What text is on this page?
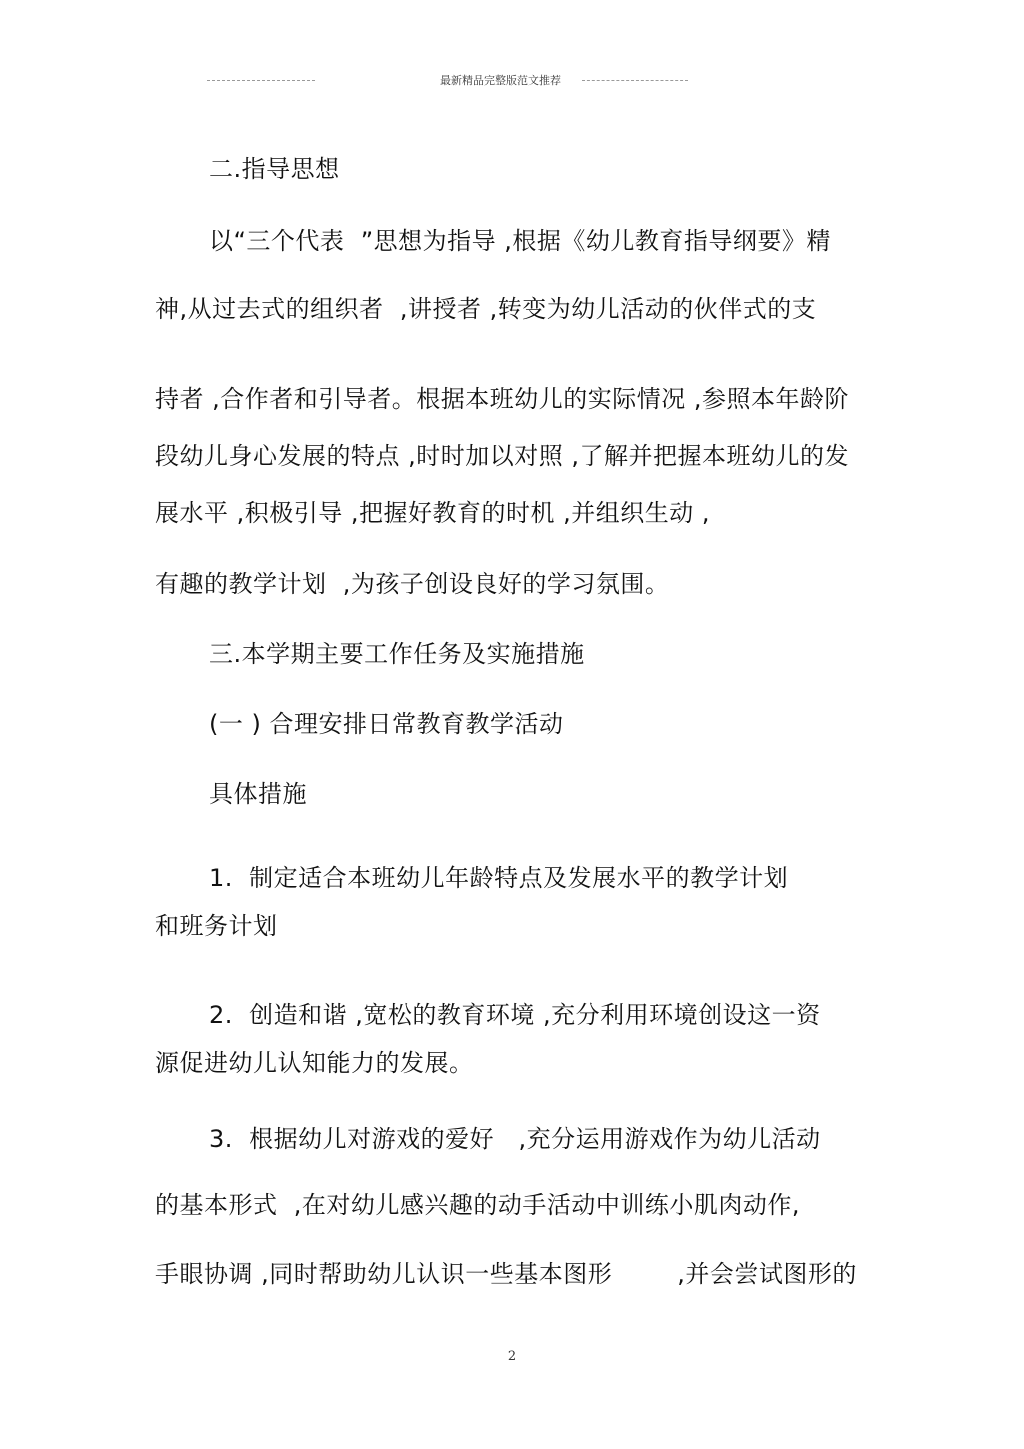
最新精品完整版范文推荐
二.指导思想
以“三个代表  ”思想为指导 ,根据《幼儿教育指导纲要》精
神,从过去式的组织者  ,讲授者 ,转变为幼儿活动的伙伴式的支
持者 ,合作者和引导者。根据本班幼儿的实际情况 ,参照本年龄阶
段幼儿身心发展的特点 ,时时加以对照 ,了解并把握本班幼儿的发
展水平 ,积极引导 ,把握好教育的时机 ,并组织生动 ,
有趣的教学计划  ,为孩子创设良好的学习氛围。
三.本学期主要工作任务及实施措施
(一 ) 合理安排日常教育教学活动
具体措施
1.  制定适合本班幼儿年龄特点及发展水平的教学计划
和班务计划
2.  创造和谐 ,宽松的教育环境 ,充分利用环境创设这一资
源促进幼儿认知能力的发展。
3.  根据幼儿对游戏的爱好   ,充分运用游戏作为幼儿活动
的基本形式  ,在对幼儿感兴趣的动手活动中训练小肌肉动作,
手眼协调 ,同时帮助幼儿认识一些基本图形        ,并会尝试图形的
2
